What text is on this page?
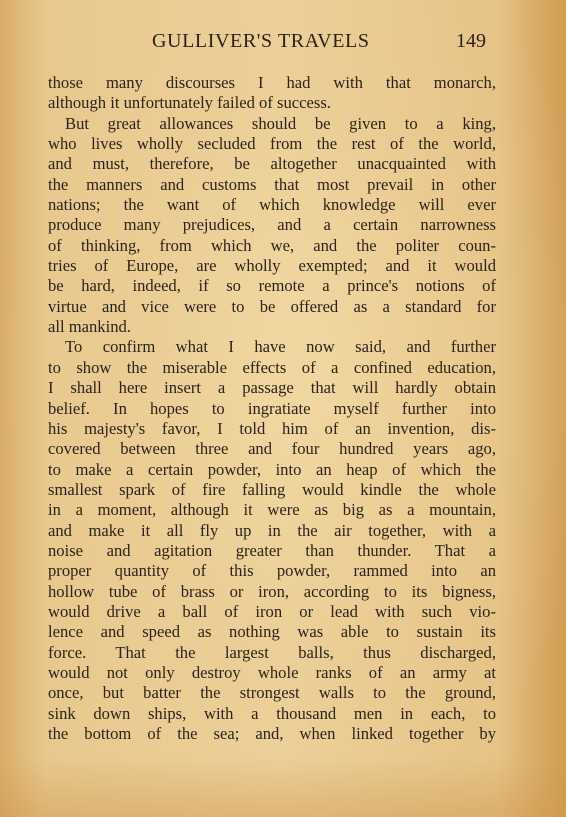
GULLIVER'S TRAVELS	149
those many discourses I had with that monarch,
although it unfortunately failed of success.
But great allowances should be given to a king,
who lives wholly secluded from the rest of the world,
and must, therefore, be altogether unacquainted with
the manners and customs that most prevail in other
nations; the want of which knowledge will ever
produce many prejudices, and a certain narrowness
of thinking, from which we, and the politer coun-
tries of Europe, are wholly exempted; and it would
be hard, indeed, if so remote a prince's notions of
virtue and vice were to be offered as a standard for
all mankind.
To confirm what I have now said, and further
to show the miserable effects of a confined education,
I shall here insert a passage that will hardly obtain
belief. In hopes to ingratiate myself further into
his majesty's favor, I told him of an invention, dis-
covered between three and four hundred years ago,
to make a certain powder, into an heap of which the
smallest spark of fire falling would kindle the whole
in a moment, although it were as big as a mountain,
and make it all fly up in the air together, with a
noise and agitation greater than thunder. That a
proper quantity of this powder, rammed into an
hollow tube of brass or iron, according to its bigness,
would drive a ball of iron or lead with such vio-
lence and speed as nothing was able to sustain its
force. That the largest balls, thus discharged,
would not only destroy whole ranks of an army at
once, but batter the strongest walls to the ground,
sink down ships, with a thousand men in each, to
the bottom of the sea; and, when linked together by
